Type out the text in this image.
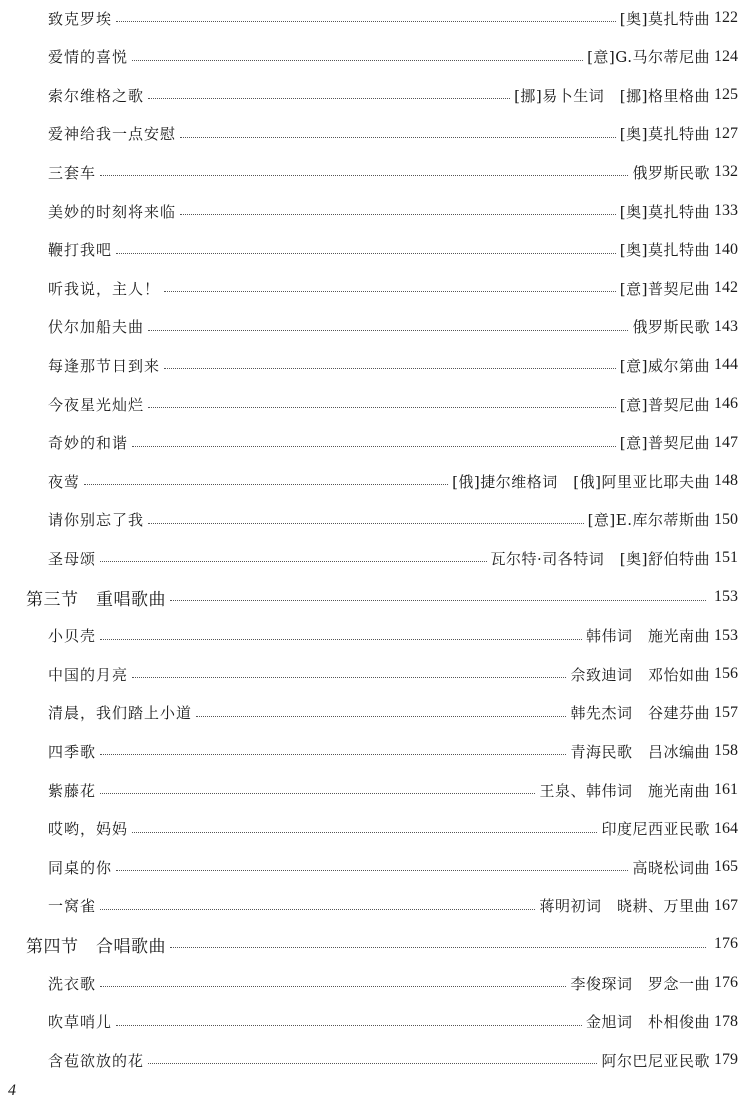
致克罗埃	[奥]莫扎特曲 122
爱情的喜悦	[意]G.马尔蒂尼曲 124
索尔维格之歌	[挪]易卜生词　[挪]格里格曲 125
爱神给我一点安慰	[奥]莫扎特曲 127
三套车	俄罗斯民歌 132
美妙的时刻将来临	[奥]莫扎特曲 133
鞭打我吧	[奥]莫扎特曲 140
听我说，主人！	[意]普契尼曲 142
伏尔加船夫曲	俄罗斯民歌 143
每逢那节日到来	[意]威尔第曲 144
今夜星光灿烂	[意]普契尼曲 146
奇妙的和谐	[意]普契尼曲 147
夜莺	[俄]捷尔维格词　[俄]阿里亚比耶夫曲 148
请你别忘了我	[意]E.库尔蒂斯曲 150
圣母颂	瓦尔特·司各特词　[奥]舒伯特曲 151
第三节　重唱歌曲	153
小贝壳	韩伟词　施光南曲 153
中国的月亮	佘致迪词　邓怡如曲 156
清晨，我们踏上小道	韩先杰词　谷建芬曲 157
四季歌	青海民歌　吕冰编曲 158
紫藤花	王泉、韩伟词　施光南曲 161
哎哟，妈妈	印度尼西亚民歌 164
同桌的你	高晓松词曲 165
一窝雀	蒋明初词　晓耕、万里曲 167
第四节　合唱歌曲	176
洗衣歌	李俊琛词　罗念一曲 176
吹草哨儿	金旭词　朴相俊曲 178
含苞欲放的花	阿尔巴尼亚民歌 179
4
